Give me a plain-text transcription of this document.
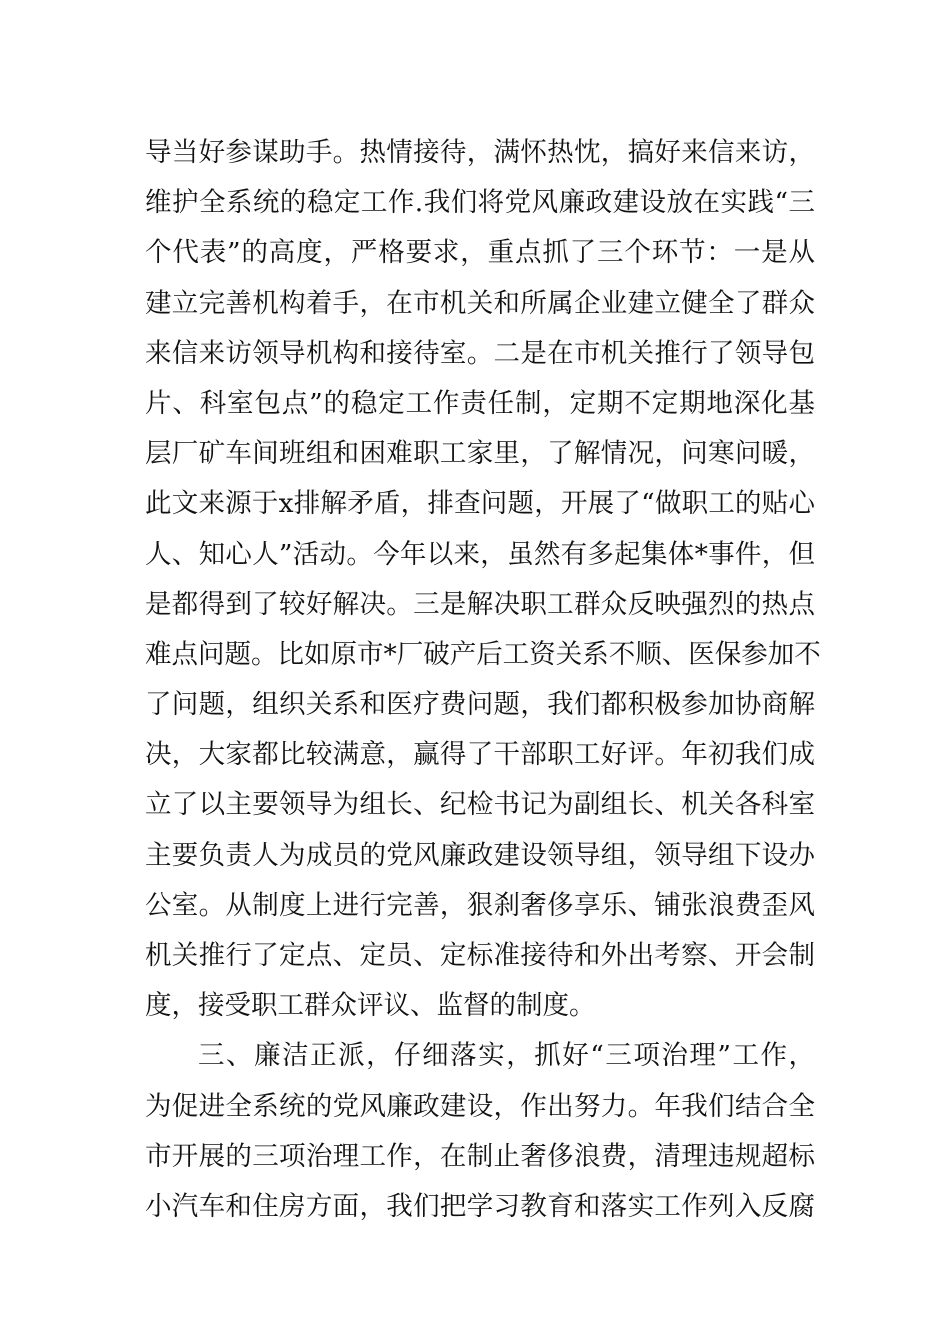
导当好参谋助手。热情接待，满怀热忱，搞好来信来访，
维护全系统的稳定工作.我们将党风廉政建设放在实践“三
个代表”的高度，严格要求，重点抓了三个环节：一是从
建立完善机构着手，在市机关和所属企业建立健全了群众
来信来访领导机构和接待室。二是在市机关推行了领导包
片、科室包点”的稳定工作责任制，定期不定期地深化基
层厂矿车间班组和困难职工家里，了解情况，问寒问暖，
此文来源于x排解矛盾，排查问题，开展了“做职工的贴心
人、知心人”活动。今年以来，虽然有多起集体*事件，但
是都得到了较好解决。三是解决职工群众反映强烈的热点
难点问题。比如原市*厂破产后工资关系不顺、医保参加不
了问题，组织关系和医疗费问题，我们都积极参加协商解
决，大家都比较满意，赢得了干部职工好评。年初我们成
立了以主要领导为组长、纪检书记为副组长、机关各科室
主要负责人为成员的党风廉政建设领导组，领导组下设办
公室。从制度上进行完善，狠刹奢侈享乐、铺张浪费歪风
机关推行了定点、定员、定标准接待和外出考察、开会制
度，接受职工群众评议、监督的制度。
三、廉洁正派，仔细落实，抓好“三项治理”工作，
为促进全系统的党风廉政建设，作出努力。年我们结合全
市开展的三项治理工作，在制止奢侈浪费，清理违规超标
小汽车和住房方面，我们把学习教育和落实工作列入反腐
